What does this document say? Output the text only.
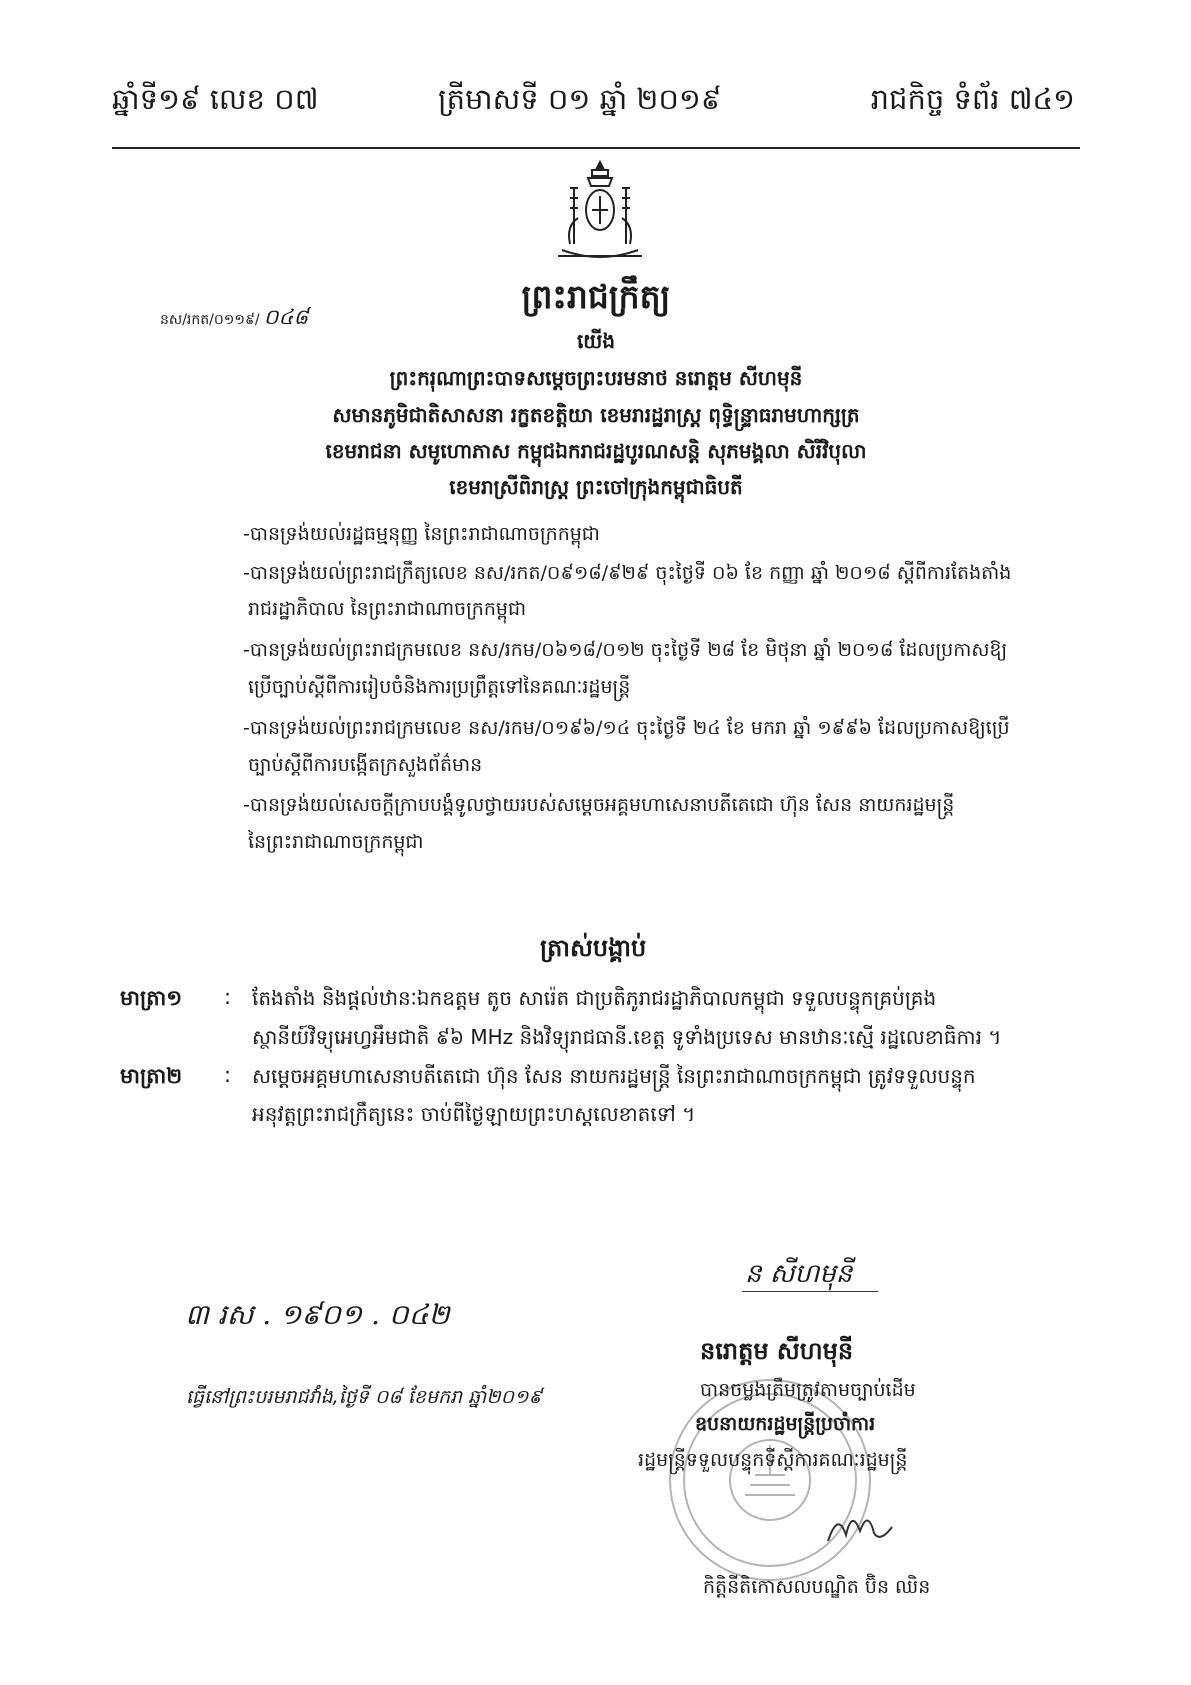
ឆ្នាំទី១៩ លេខ ០៧	ត្រីមាសទី ០១ ឆ្នាំ ២០១៩	រាជកិច្ច ទំព័រ ៧៤១
នស/រកត/០១១៩/ ០៤៨
ព្រះរាជក្រឹត្យ
យើង
ព្រះករុណាព្រះបាទសម្តេចព្រះបរមនាថ នរោត្តម សីហមុនី
សមានភូមិជាតិសាសនា រក្ខតខត្តិយា ខេមរារដ្ឋរាស្ត្រ ពុទ្ធិន្ទ្រាធរាមហាក្សត្រ
ខេមរាជនា សមូហោភាស កម្ពុជឯករាជរដ្ឋបូរណសន្តិ សុភមង្គលា សិរីវិបុលា
ខេមរាស្រីពិរាស្ត្រ ព្រះចៅក្រុងកម្ពុជាធិបតី
-បានទ្រង់យល់រដ្ឋធម្មនុញ្ញ នៃព្រះរាជាណាចក្រកម្ពុជា
-បានទ្រង់យល់ព្រះរាជក្រឹត្យលេខ នស/រកត/០៩១៨/៩២៩ ចុះថ្ងៃទី ០៦ ខែ កញ្ញា ឆ្នាំ ២០១៨ ស្តីពីការតែងតាំង
រាជរដ្ឋាភិបាល នៃព្រះរាជាណាចក្រកម្ពុជា
-បានទ្រង់យល់ព្រះរាជក្រមលេខ នស/រកម/០៦១៨/០១២ ចុះថ្ងៃទី ២៨ ខែ មិថុនា ឆ្នាំ ២០១៨ ដែលប្រកាសឱ្យ
ប្រើច្បាប់ស្តីពីការរៀបចំនិងការប្រព្រឹត្តទៅនៃគណៈរដ្ឋមន្ត្រី
-បានទ្រង់យល់ព្រះរាជក្រមលេខ នស/រកម/០១៩៦/១៤ ចុះថ្ងៃទី ២៤ ខែ មករា ឆ្នាំ ១៩៩៦ ដែលប្រកាសឱ្យប្រើ
ច្បាប់ស្តីពីការបង្កើតក្រសួងព័ត៌មាន
-បានទ្រង់យល់សេចក្តីក្រាបបង្គំទូលថ្វាយរបស់សម្តេចអគ្គមហាសេនាបតីតេជោ ហ៊ុន សែន នាយករដ្ឋមន្ត្រី
នៃព្រះរាជាណាចក្រកម្ពុជា
ត្រាស់បង្គាប់
មាត្រា១ : តែងតាំង និងផ្តល់ឋានៈឯកឧត្តម តូច សារ៉េត ជាប្រតិភូរាជរដ្ឋាភិបាលកម្ពុជា ទទួលបន្ទុកគ្រប់គ្រង
ស្ថានីយ៍វិទ្យុអេហ្វអឹមជាតិ ៩៦ MHz និងវិទ្យុរាជធានី.ខេត្ត ទូទាំងប្រទេស មានឋានៈស្មើ រដ្ឋលេខាធិការ ។
មាត្រា២ : សម្តេចអគ្គមហាសេនាបតីតេជោ ហ៊ុន សែន នាយករដ្ឋមន្ត្រី នៃព្រះរាជាណាចក្រកម្ពុជា ត្រូវទទួលបន្ទុក
អនុវត្តព្រះរាជក្រឹត្យនេះ ចាប់ពីថ្ងៃឡាយព្រះហស្តលេខាតទៅ ។
៣ រស . ១៩០១ . ០៤២
ធ្វើនៅព្រះបរមរាជវាំង,ថ្ងៃទី ០៨ ខែមករា ឆ្នាំ២០១៩
ន សីហមុនី
នរោត្តម សីហមុនី
បានចម្លងត្រឹមត្រូវតាមច្បាប់ដើម
ឧបនាយករដ្ឋមន្ត្រីប្រចាំការ
រដ្ឋមន្ត្រីទទួលបន្ទុកទីស្តីការគណៈរដ្ឋមន្ត្រី
កិត្តិនីតិកោសលបណ្ឌិត ប៊ិន ឈិន
